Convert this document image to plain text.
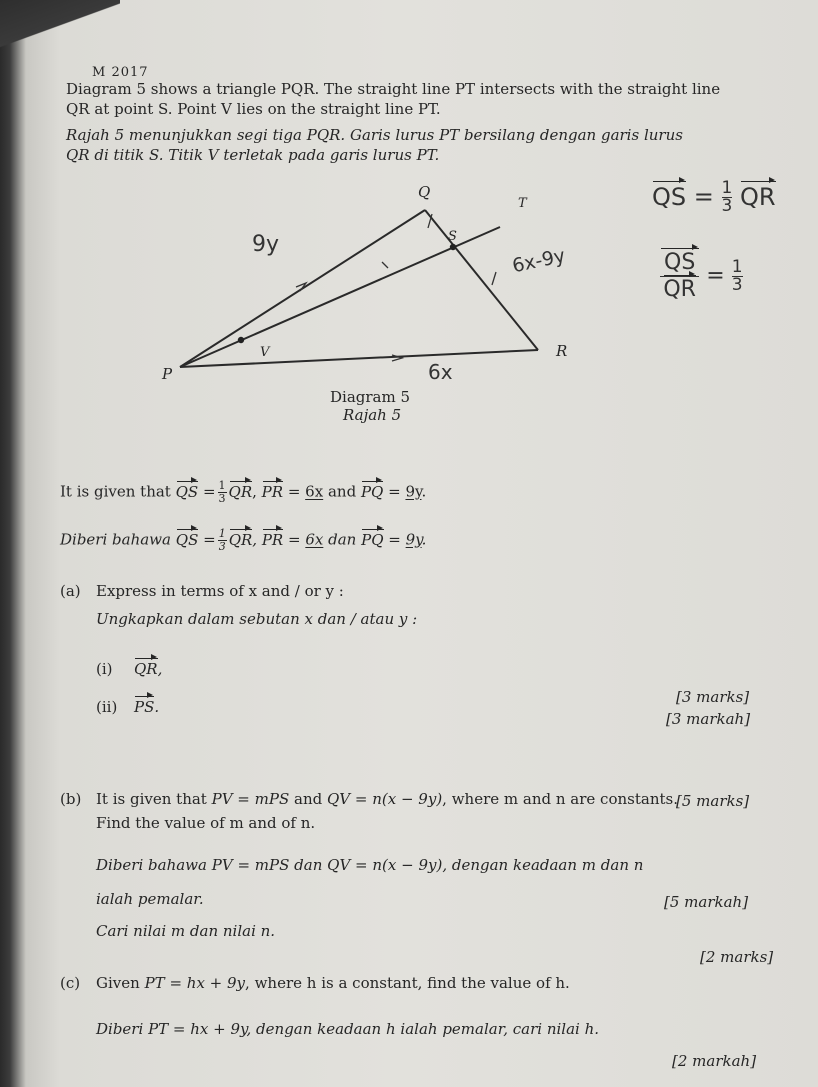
M 2017
Diagram 5 shows a triangle PQR. The straight line PT intersects with the straight line
QR at point S. Point V lies on the straight line PT.
Rajah 5 menunjukkan segi tiga PQR. Garis lurus PT bersilang dengan garis lurus
QR di titik S. Titik V terletak pada garis lurus PT.
Q
T
S
V	R
P
Diagram 5
Rajah 5
9y
6x-9y
6x
QS = $\frac{1}{3}$ QR
$\frac{QS}{QR} = \frac{1}{3}$
It is given that QS = $\frac{1}{3}$ QR, PR = 6x and PQ = 9y.
Diberi bahawa QS = $\frac{1}{3}$ QR, PR = 6x dan PQ = 9y.
(a) Express in terms of x and / or y :
Ungkapkan dalam sebutan x dan / atau y :
(i) QR,
(ii) PS.
[3 marks]
[3 markah]
(b) It is given that PV = mPS and QV = n(x − 9y), where m and n are constants.
[5 marks]
Find the value of m and of n.
Diberi bahawa PV = mPS dan QV = n(x − 9y), dengan keadaan m dan n
ialah pemalar.	[5 markah]
Cari nilai m dan nilai n.
(c) Given PT = hx + 9y, where h is a constant, find the value of h.
[2 marks]
Diberi PT = hx + 9y, dengan keadaan h ialah pemalar, cari nilai h.
[2 markah]
